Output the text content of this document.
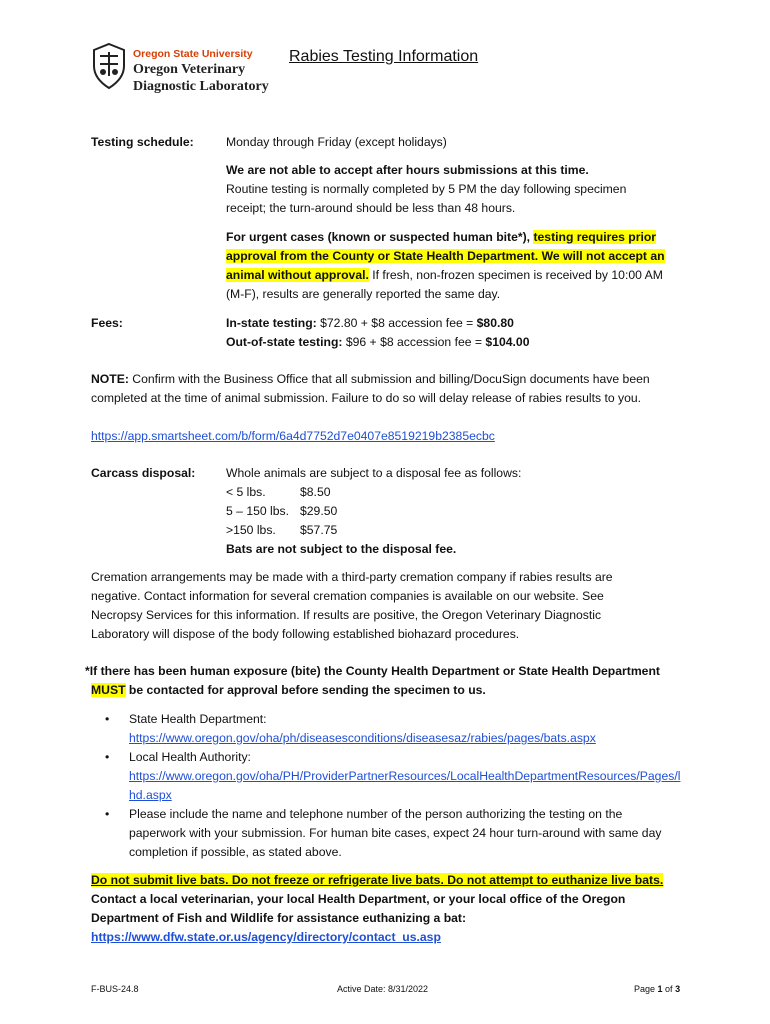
Oregon State University
Oregon Veterinary
Diagnostic Laboratory
Rabies Testing Information
Testing schedule:	Monday through Friday (except holidays)
We are not able to accept after hours submissions at this time.
Routine testing is normally completed by 5 PM the day following specimen receipt; the turn-around should be less than 48 hours.
For urgent cases (known or suspected human bite*), testing requires prior approval from the County or State Health Department. We will not accept an animal without approval. If fresh, non-frozen specimen is received by 10:00 AM (M-F), results are generally reported the same day.
Fees:	In-state testing: $72.80 + $8 accession fee = $80.80
Out-of-state testing: $96 + $8 accession fee = $104.00
NOTE: Confirm with the Business Office that all submission and billing/DocuSign documents have been completed at the time of animal submission. Failure to do so will delay release of rabies results to you.
https://app.smartsheet.com/b/form/6a4d7752d7e0407e8519219b2385ecbc
Carcass disposal:	Whole animals are subject to a disposal fee as follows:
< 5 lbs.	$8.50
5 – 150 lbs. $29.50
>150 lbs. $57.75
Bats are not subject to the disposal fee.
Cremation arrangements may be made with a third-party cremation company if rabies results are negative. Contact information for several cremation companies is available on our website. See Necropsy Services for this information. If results are positive, the Oregon Veterinary Diagnostic Laboratory will dispose of the body following established biohazard procedures.
*If there has been human exposure (bite) the County Health Department or State Health Department
MUST be contacted for approval before sending the specimen to us.
• State Health Department:
https://www.oregon.gov/oha/ph/diseasesconditions/diseasesaz/rabies/pages/bats.aspx
• Local Health Authority:
https://www.oregon.gov/oha/PH/ProviderPartnerResources/LocalHealthDepartmentResources/Pages/lhd.aspx
• Please include the name and telephone number of the person authorizing the testing on the paperwork with your submission. For human bite cases, expect 24 hour turn-around with same day completion if possible, as stated above.
Do not submit live bats. Do not freeze or refrigerate live bats. Do not attempt to euthanize live bats.
Contact a local veterinarian, your local Health Department, or your local office of the Oregon Department of Fish and Wildlife for assistance euthanizing a bat:
https://www.dfw.state.or.us/agency/directory/contact_us.asp
F-BUS-24.8	Active Date: 8/31/2022	Page 1 of 3
